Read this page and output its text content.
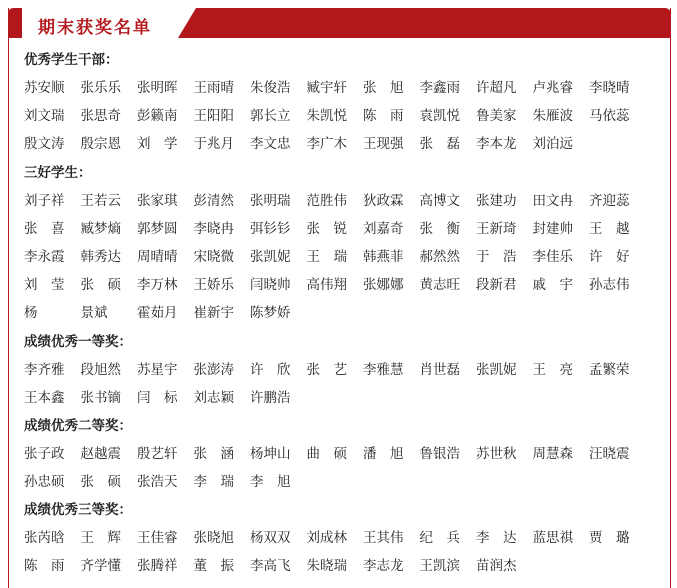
期末获奖名单
优秀学生干部：
苏安顺	张乐乐	张明晖	王雨晴	朱俊浩	臧宇轩	张　旭	李鑫雨	许超凡	卢兆睿	李晓晴
刘文瑞	张思奇	彭籁南	王阳阳	郭长立	朱凯悦	陈　雨	袁凯悦	鲁美家	朱雁波	马依蕊
殷文涛	殷宗恩	刘　学	于兆月	李文忠	李广木	王现强	张　磊	李本龙	刘泊远
三好学生：
刘子祥	王若云	张家琪	彭清然	张明瑞	范胜伟	狄政霖	高博文	张建功	田文冉	齐迎蕊
张　喜	臧梦熵	郭梦圆	李晓冉	弭钐钐	张　锐	刘嘉奇	张　衡	王新琦	封建帅	王　越
李永霞	韩秀达	周晴晴	宋晓微	张凯妮	王　瑞	韩燕菲	郝然然	于　浩	李佳乐	许　好
刘　莹	张　硕	李万林	王娇乐	闫晓帅	高伟翔	张娜娜	黄志旺	段新君	戚　宇	孙志伟
杨　	景斌	霍茹月	崔新宇	陈梦娇
成绩优秀一等奖：
李齐雅	段旭然	苏星宇	张澎涛	许　欣	张　艺	李雅慧	肖世磊	张凯妮	王　亮	孟繁荣
王本鑫	张书镝	闫　标	刘志颖	许鹏浩
成绩优秀二等奖：
张子政	赵越震	殷艺轩	张　涵	杨坤山	曲　硕	潘　旭	鲁银浩	苏世秋	周慧森	汪晓震
孙忠硕	张　硕	张浩天	李　瑞	李　旭
成绩优秀三等奖：
张芮晗	王　辉	王佳睿	张晓旭	杨双双	刘成林	王其伟	纪　兵	李　达	蓝思祺	贾　璐
陈　雨	齐学懂	张腾祥	董　振	李高飞	朱晓瑞	李志龙	王凯滨	苗润杰
